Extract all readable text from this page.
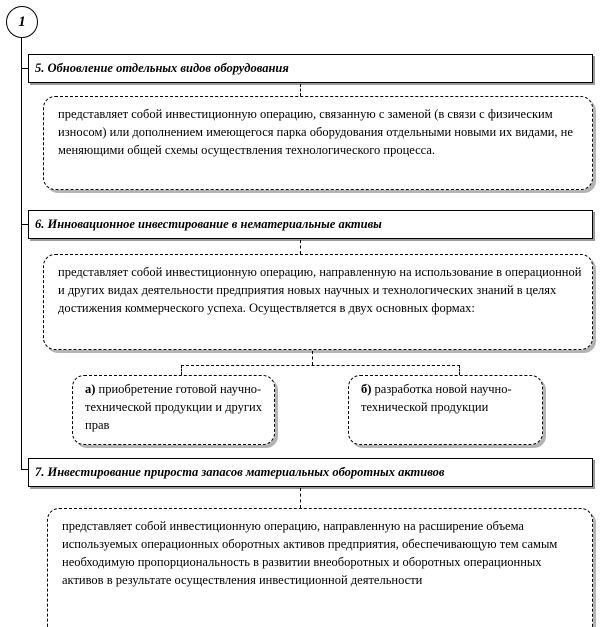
1
5. Обновление отдельных видов оборудования
представляет собой инвестиционную операцию, связанную с заменой (в связи с физическим износом) или дополнением имеющегося парка оборудования отдельными новыми их видами, не меняющими общей схемы осуществления технологического процесса.
6. Инновационное инвестирование в нематериальные активы
представляет собой инвестиционную операцию, направленную на использование в операционной и других видах деятельности предприятия новых научных и технологических знаний в целях достижения коммерческого успеха. Осуществляется в двух основных формах:
а) приобретение готовой научно-технической продукции и других прав
б) разработка новой научно-технической продукции
7. Инвестирование прироста запасов материальных оборотных активов
представляет собой инвестиционную операцию, направленную на расширение объема используемых операционных оборотных активов предприятия, обеспечивающую тем самым необходимую пропорциональность в развитии внеоборотных и оборотных операционных активов в результате осуществления инвестиционной деятельности
